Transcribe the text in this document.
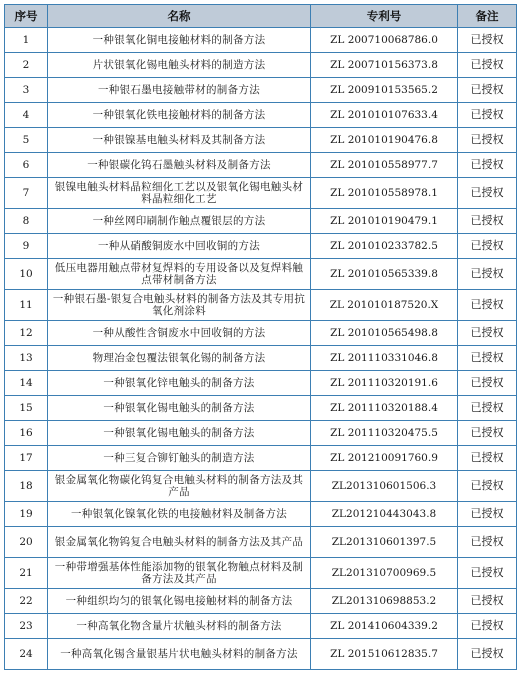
序号	名称	专利号	备注
1	一种银氧化铜电接触材料的制备方法	ZL 200710068786.0	已授权
2	片状银氧化锡电触头材料的制造方法	ZL 200710156373.8	已授权
3	一种银石墨电接触带材的制备方法	ZL 200910153565.2	已授权
4	一种银氧化铁电接触材料的制备方法	ZL 201010107633.4	已授权
5	一种银镍基电触头材料及其制备方法	ZL 201010190476.8	已授权
6	一种银碳化钨石墨触头材料及制备方法	ZL 201010558977.7	已授权
7	银镍电触头材料晶粒细化工艺以及银氧化锡电触头材料晶粒细化工艺	ZL 201010558978.1	已授权
8	一种丝网印刷制作触点覆银层的方法	ZL 201010190479.1	已授权
9	一种从硝酸铜废水中回收铜的方法	ZL 201010233782.5	已授权
10	低压电器用触点带材复焊料的专用设备以及复焊料触点带材制备方法	ZL 201010565339.8	已授权
11	一种银石墨-银复合电触头材料的制备方法及其专用抗氧化剂涂料	ZL 201010187520.X	已授权
12	一种从酸性含铜废水中回收铜的方法	ZL 201010565498.8	已授权
13	物理冶金包覆法银氧化锡的制备方法	ZL 201110331046.8	已授权
14	一种银氧化锌电触头的制备方法	ZL 201110320191.6	已授权
15	一种银氧化锡电触头的制备方法	ZL 201110320188.4	已授权
16	一种银氧化锡电触头的制备方法	ZL 201110320475.5	已授权
17	一种三复合铆钉触头的制造方法	ZL 201210091760.9	已授权
18	银金属氧化物碳化钨复合电触头材料的制备方法及其产品	ZL201310601506.3	已授权
19	一种银氧化镍氧化铁的电接触材料及制备方法	ZL201210443043.8	已授权
20	银金属氧化物钨复合电触头材料的制备方法及其产品	ZL201310601397.5	已授权
21	一种带增强基体性能添加物的银氧化物触点材料及制备方法及其产品	ZL201310700969.5	已授权
22	一种组织均匀的银氧化锡电接触材料的制备方法	ZL201310698853.2	已授权
23	一种高氧化物含量片状触头材料的制备方法	ZL 201410604339.2	已授权
24	一种高氧化锡含量银基片状电触头材料的制备方法	ZL 201510612835.7	已授权
